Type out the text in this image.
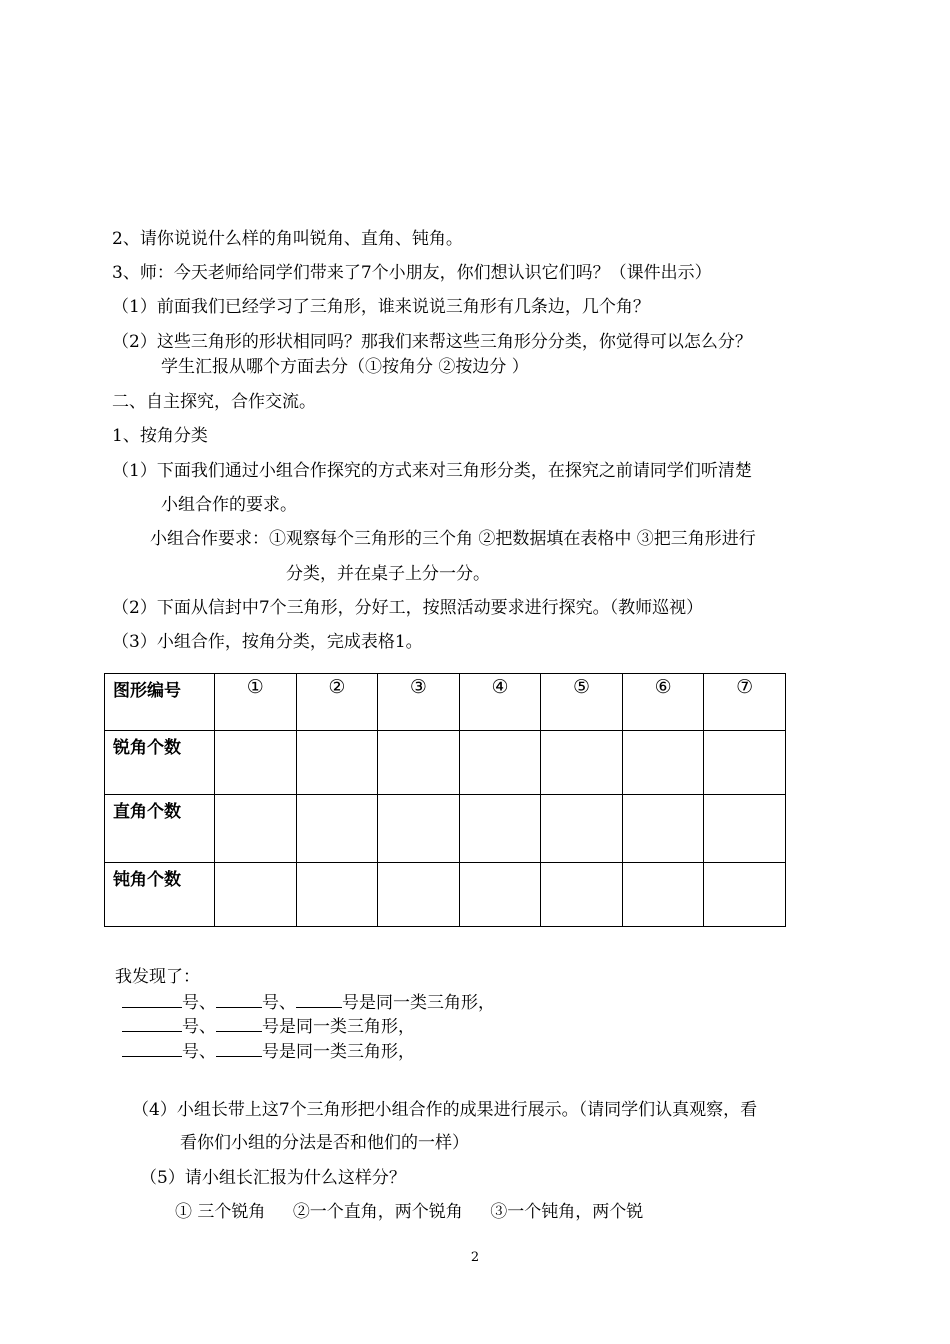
2、请你说说什么样的角叫锐角、直角、钝角。
3、师：今天老师给同学们带来了7个小朋友，你们想认识它们吗？（课件出示）
（1）前面我们已经学习了三角形，谁来说说三角形有几条边，几个角？
（2）这些三角形的形状相同吗？那我们来帮这些三角形分分类，你觉得可以怎么分？
学生汇报从哪个方面去分（①按角分 ②按边分 ）
二、自主探究，合作交流。
1、按角分类
（1）下面我们通过小组合作探究的方式来对三角形分类，在探究之前请同学们听清楚
小组合作的要求。
小组合作要求：①观察每个三角形的三个角 ②把数据填在表格中 ③把三角形进行
分类，并在桌子上分一分。
（2）下面从信封中7个三角形，分好工，按照活动要求进行探究。（教师巡视）
（3）小组合作，按角分类，完成表格1。
图形编号	①	②	③	④	⑤	⑥	⑦
锐角个数							
直角个数							
钝角个数							
我发现了：
号、	号、	号是同一类三角形，
号、	号是同一类三角形，
号、	号是同一类三角形，
（4）小组长带上这7个三角形把小组合作的成果进行展示。（请同学们认真观察，看
看你们小组的分法是否和他们的一样）
（5）请小组长汇报为什么这样分？
① 三个锐角 ②一个直角，两个锐角 ③一个钝角，两个锐
2
